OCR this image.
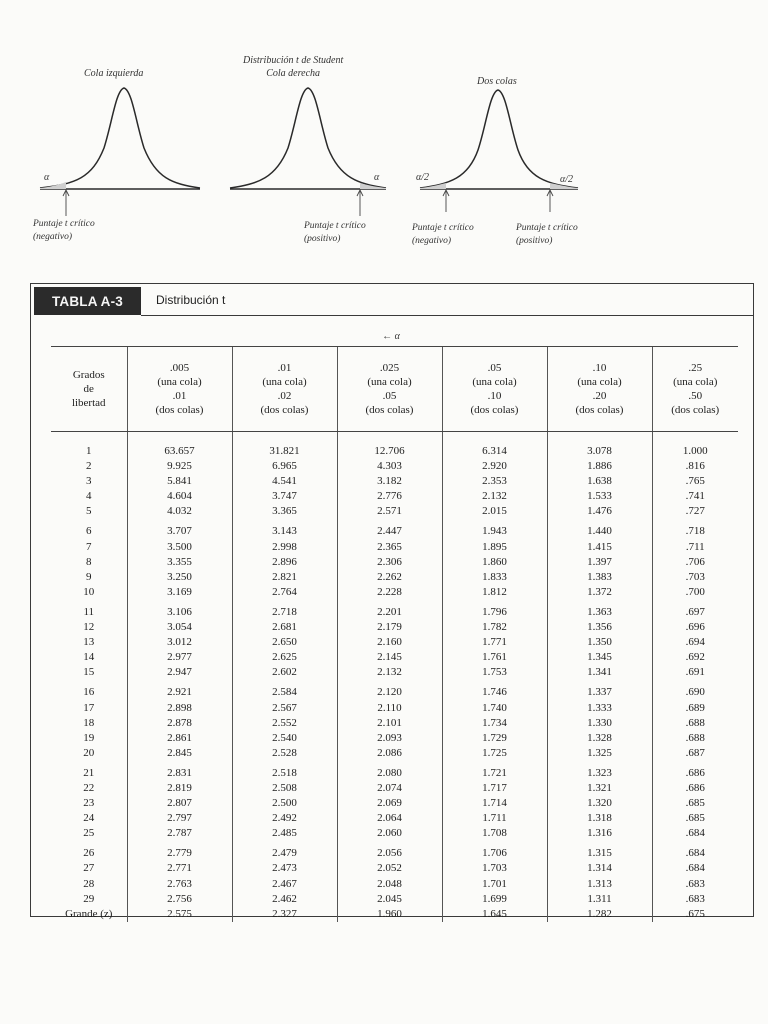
Cola izquierda
α
Puntaje t crítico
(negativo)
Distribución t de Student
Cola derecha
α
Puntaje t crítico
(positivo)
Dos colas
α/2	α/2
Puntaje t crítico
(negativo)
Puntaje t crítico
(positivo)
TABLA A-3	Distribución t
← α
Grados
de
libertad	.005
(una cola)
.01
(dos colas)	.01
(una cola)
.02
(dos colas)	.025
(una cola)
.05
(dos colas)	.05
(una cola)
.10
(dos colas)	.10
(una cola)
.20
(dos colas)	.25
(una cola)
.50
(dos colas)

1	63.657	31.821	12.706	6.314	3.078	1.000
2	9.925	6.965	4.303	2.920	1.886	.816
3	5.841	4.541	3.182	2.353	1.638	.765
4	4.604	3.747	2.776	2.132	1.533	.741
5	4.032	3.365	2.571	2.015	1.476	.727
6	3.707	3.143	2.447	1.943	1.440	.718
7	3.500	2.998	2.365	1.895	1.415	.711
8	3.355	2.896	2.306	1.860	1.397	.706
9	3.250	2.821	2.262	1.833	1.383	.703
10	3.169	2.764	2.228	1.812	1.372	.700
11	3.106	2.718	2.201	1.796	1.363	.697
12	3.054	2.681	2.179	1.782	1.356	.696
13	3.012	2.650	2.160	1.771	1.350	.694
14	2.977	2.625	2.145	1.761	1.345	.692
15	2.947	2.602	2.132	1.753	1.341	.691
16	2.921	2.584	2.120	1.746	1.337	.690
17	2.898	2.567	2.110	1.740	1.333	.689
18	2.878	2.552	2.101	1.734	1.330	.688
19	2.861	2.540	2.093	1.729	1.328	.688
20	2.845	2.528	2.086	1.725	1.325	.687
21	2.831	2.518	2.080	1.721	1.323	.686
22	2.819	2.508	2.074	1.717	1.321	.686
23	2.807	2.500	2.069	1.714	1.320	.685
24	2.797	2.492	2.064	1.711	1.318	.685
25	2.787	2.485	2.060	1.708	1.316	.684
26	2.779	2.479	2.056	1.706	1.315	.684
27	2.771	2.473	2.052	1.703	1.314	.684
28	2.763	2.467	2.048	1.701	1.313	.683
29	2.756	2.462	2.045	1.699	1.311	.683
Grande (z)	2.575	2.327	1.960	1.645	1.282	.675
